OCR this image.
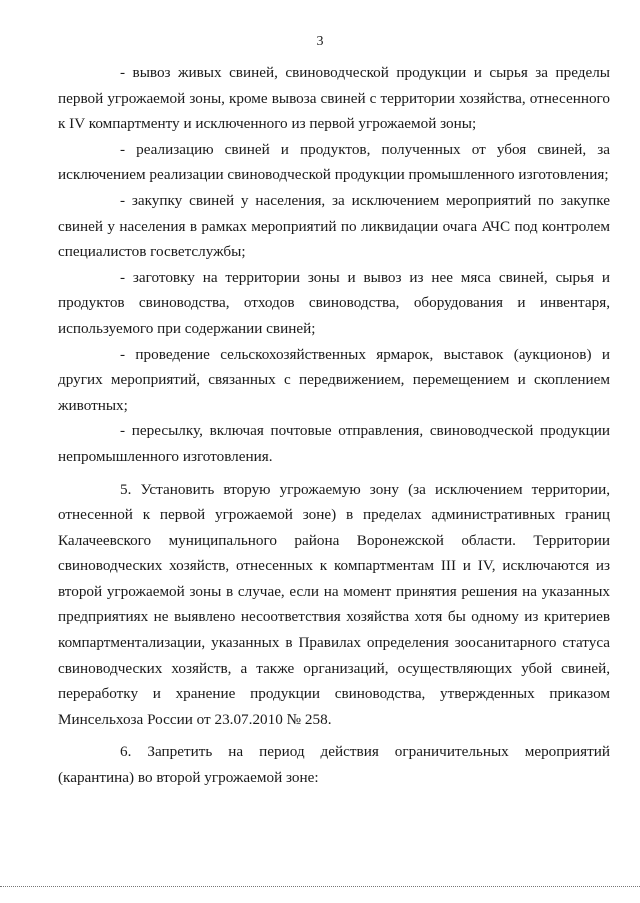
3

- вывоз живых свиней, свиноводческой продукции и сырья за пределы первой угрожаемой зоны, кроме вывоза свиней с территории хозяйства, отнесенного к IV компартменту и исключенного из первой угрожаемой зоны;

- реализацию свиней и продуктов, полученных от убоя свиней, за исключением реализации свиноводческой продукции промышленного изготовления;

- закупку свиней у населения, за исключением мероприятий по закупке свиней у населения в рамках мероприятий по ликвидации очага АЧС под контролем специалистов госветслужбы;

- заготовку на территории зоны и вывоз из нее мяса свиней, сырья и продуктов свиноводства, отходов свиноводства, оборудования и инвентаря, используемого при содержании свиней;

- проведение сельскохозяйственных ярмарок, выставок (аукционов) и других мероприятий, связанных с передвижением, перемещением и скоплением животных;

- пересылку, включая почтовые отправления, свиноводческой продукции непромышленного изготовления.

5. Установить вторую угрожаемую зону (за исключением территории, отнесенной к первой угрожаемой зоне) в пределах административных границ Калачеевского муниципального района Воронежской области. Территории свиноводческих хозяйств, отнесенных к компартментам III и IV, исключаются из второй угрожаемой зоны в случае, если на момент принятия решения на указанных предприятиях не выявлено несоответствия хозяйства хотя бы одному из критериев компартментализации, указанных в Правилах определения зоосанитарного статуса свиноводческих хозяйств, а также организаций, осуществляющих убой свиней, переработку и хранение продукции свиноводства, утвержденных приказом Минсельхоза России от 23.07.2010 № 258.

6. Запретить на период действия ограничительных мероприятий (карантина) во второй угрожаемой зоне:
